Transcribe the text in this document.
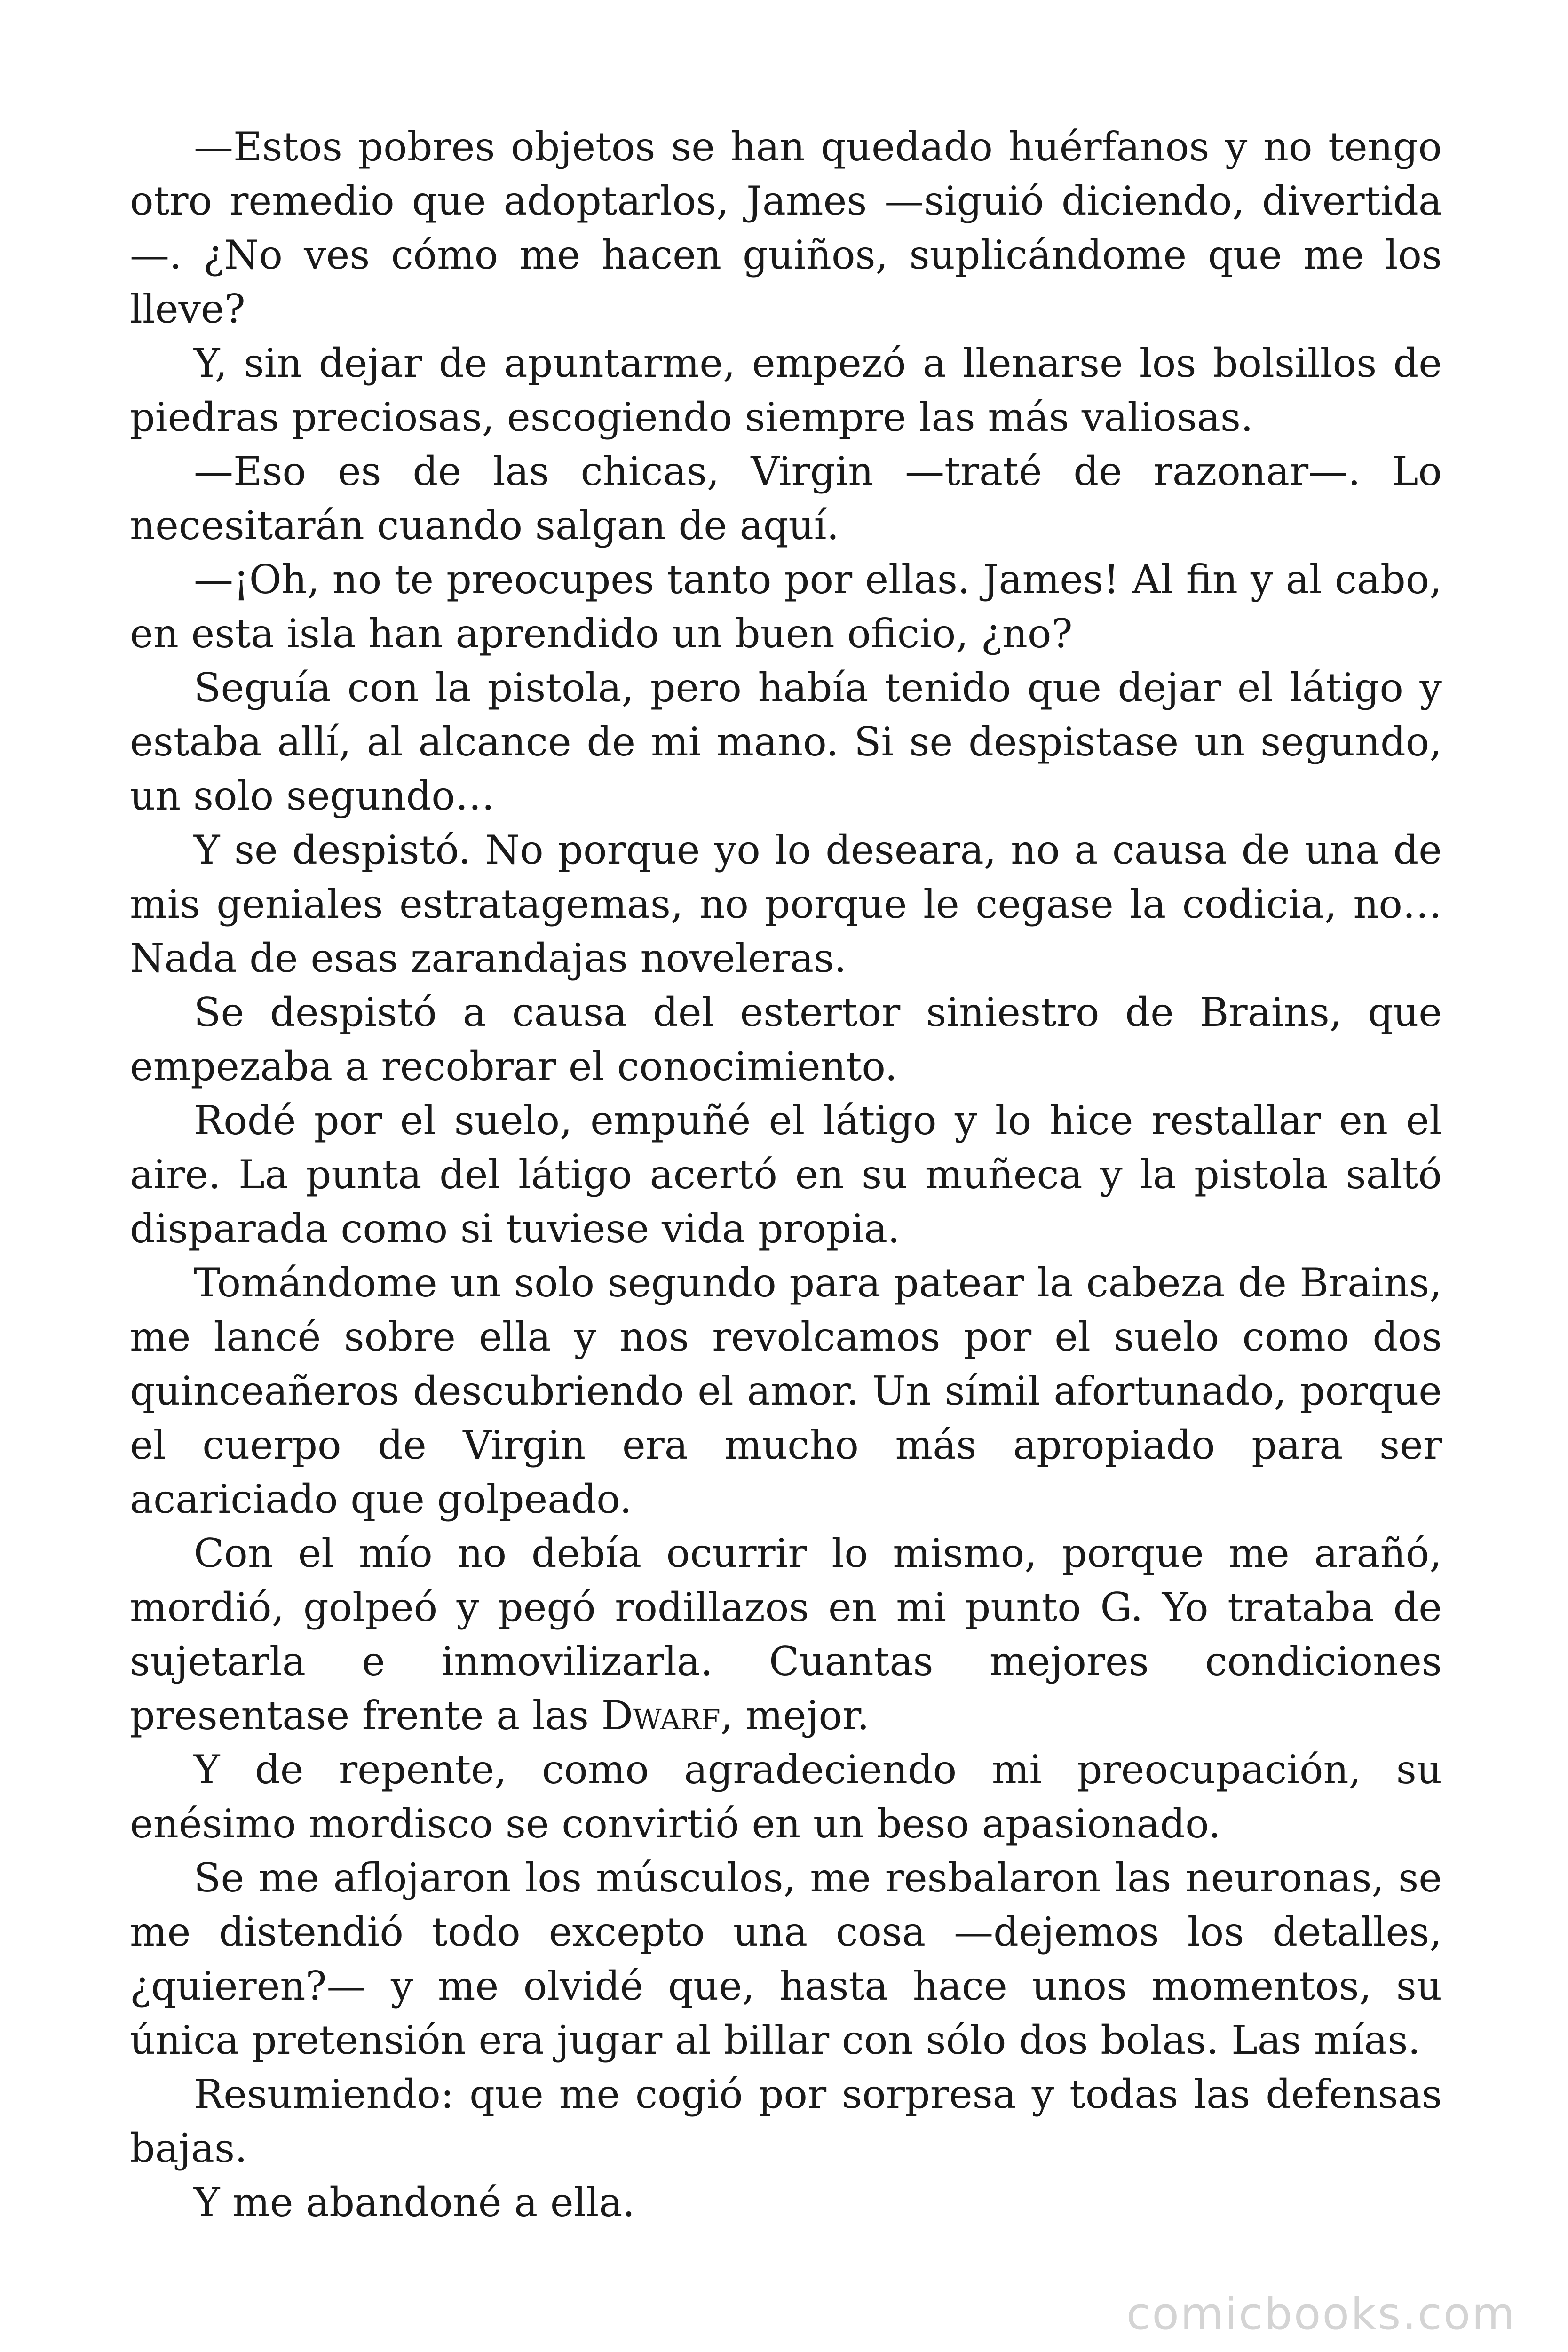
—Estos pobres objetos se han quedado huérfanos y no tengo otro remedio que adoptarlos, James —siguió diciendo, divertida—. ¿No ves cómo me hacen guiños, suplicándome que me los lleve?

Y, sin dejar de apuntarme, empezó a llenarse los bolsillos de piedras preciosas, escogiendo siempre las más valiosas.

—Eso es de las chicas, Virgin —traté de razonar—. Lo necesitarán cuando salgan de aquí.

—¡Oh, no te preocupes tanto por ellas. James! Al fin y al cabo, en esta isla han aprendido un buen oficio, ¿no?

Seguía con la pistola, pero había tenido que dejar el látigo y estaba allí, al alcance de mi mano. Si se despistase un segundo, un solo segundo…

Y se despistó. No porque yo lo deseara, no a causa de una de mis geniales estratagemas, no porque le cegase la codicia, no… Nada de esas zarandajas noveleras.

Se despistó a causa del estertor siniestro de Brains, que empezaba a recobrar el conocimiento.

Rodé por el suelo, empuñé el látigo y lo hice restallar en el aire. La punta del látigo acertó en su muñeca y la pistola saltó disparada como si tuviese vida propia.

Tomándome un solo segundo para patear la cabeza de Brains, me lancé sobre ella y nos revolcamos por el suelo como dos quinceañeros descubriendo el amor. Un símil afortunado, porque el cuerpo de Virgin era mucho más apropiado para ser acariciado que golpeado.

Con el mío no debía ocurrir lo mismo, porque me arañó, mordió, golpeó y pegó rodillazos en mi punto G. Yo trataba de sujetarla e inmovilizarla. Cuantas mejores condiciones presentase frente a las Dwarf, mejor.

Y de repente, como agradeciendo mi preocupación, su enésimo mordisco se convirtió en un beso apasionado.

Se me aflojaron los músculos, me resbalaron las neuronas, se me distendió todo excepto una cosa —dejemos los detalles, ¿quieren?— y me olvidé que, hasta hace unos momentos, su única pretensión era jugar al billar con sólo dos bolas. Las mías.

Resumiendo: que me cogió por sorpresa y todas las defensas bajas.

Y me abandoné a ella.

comicbooks.com
